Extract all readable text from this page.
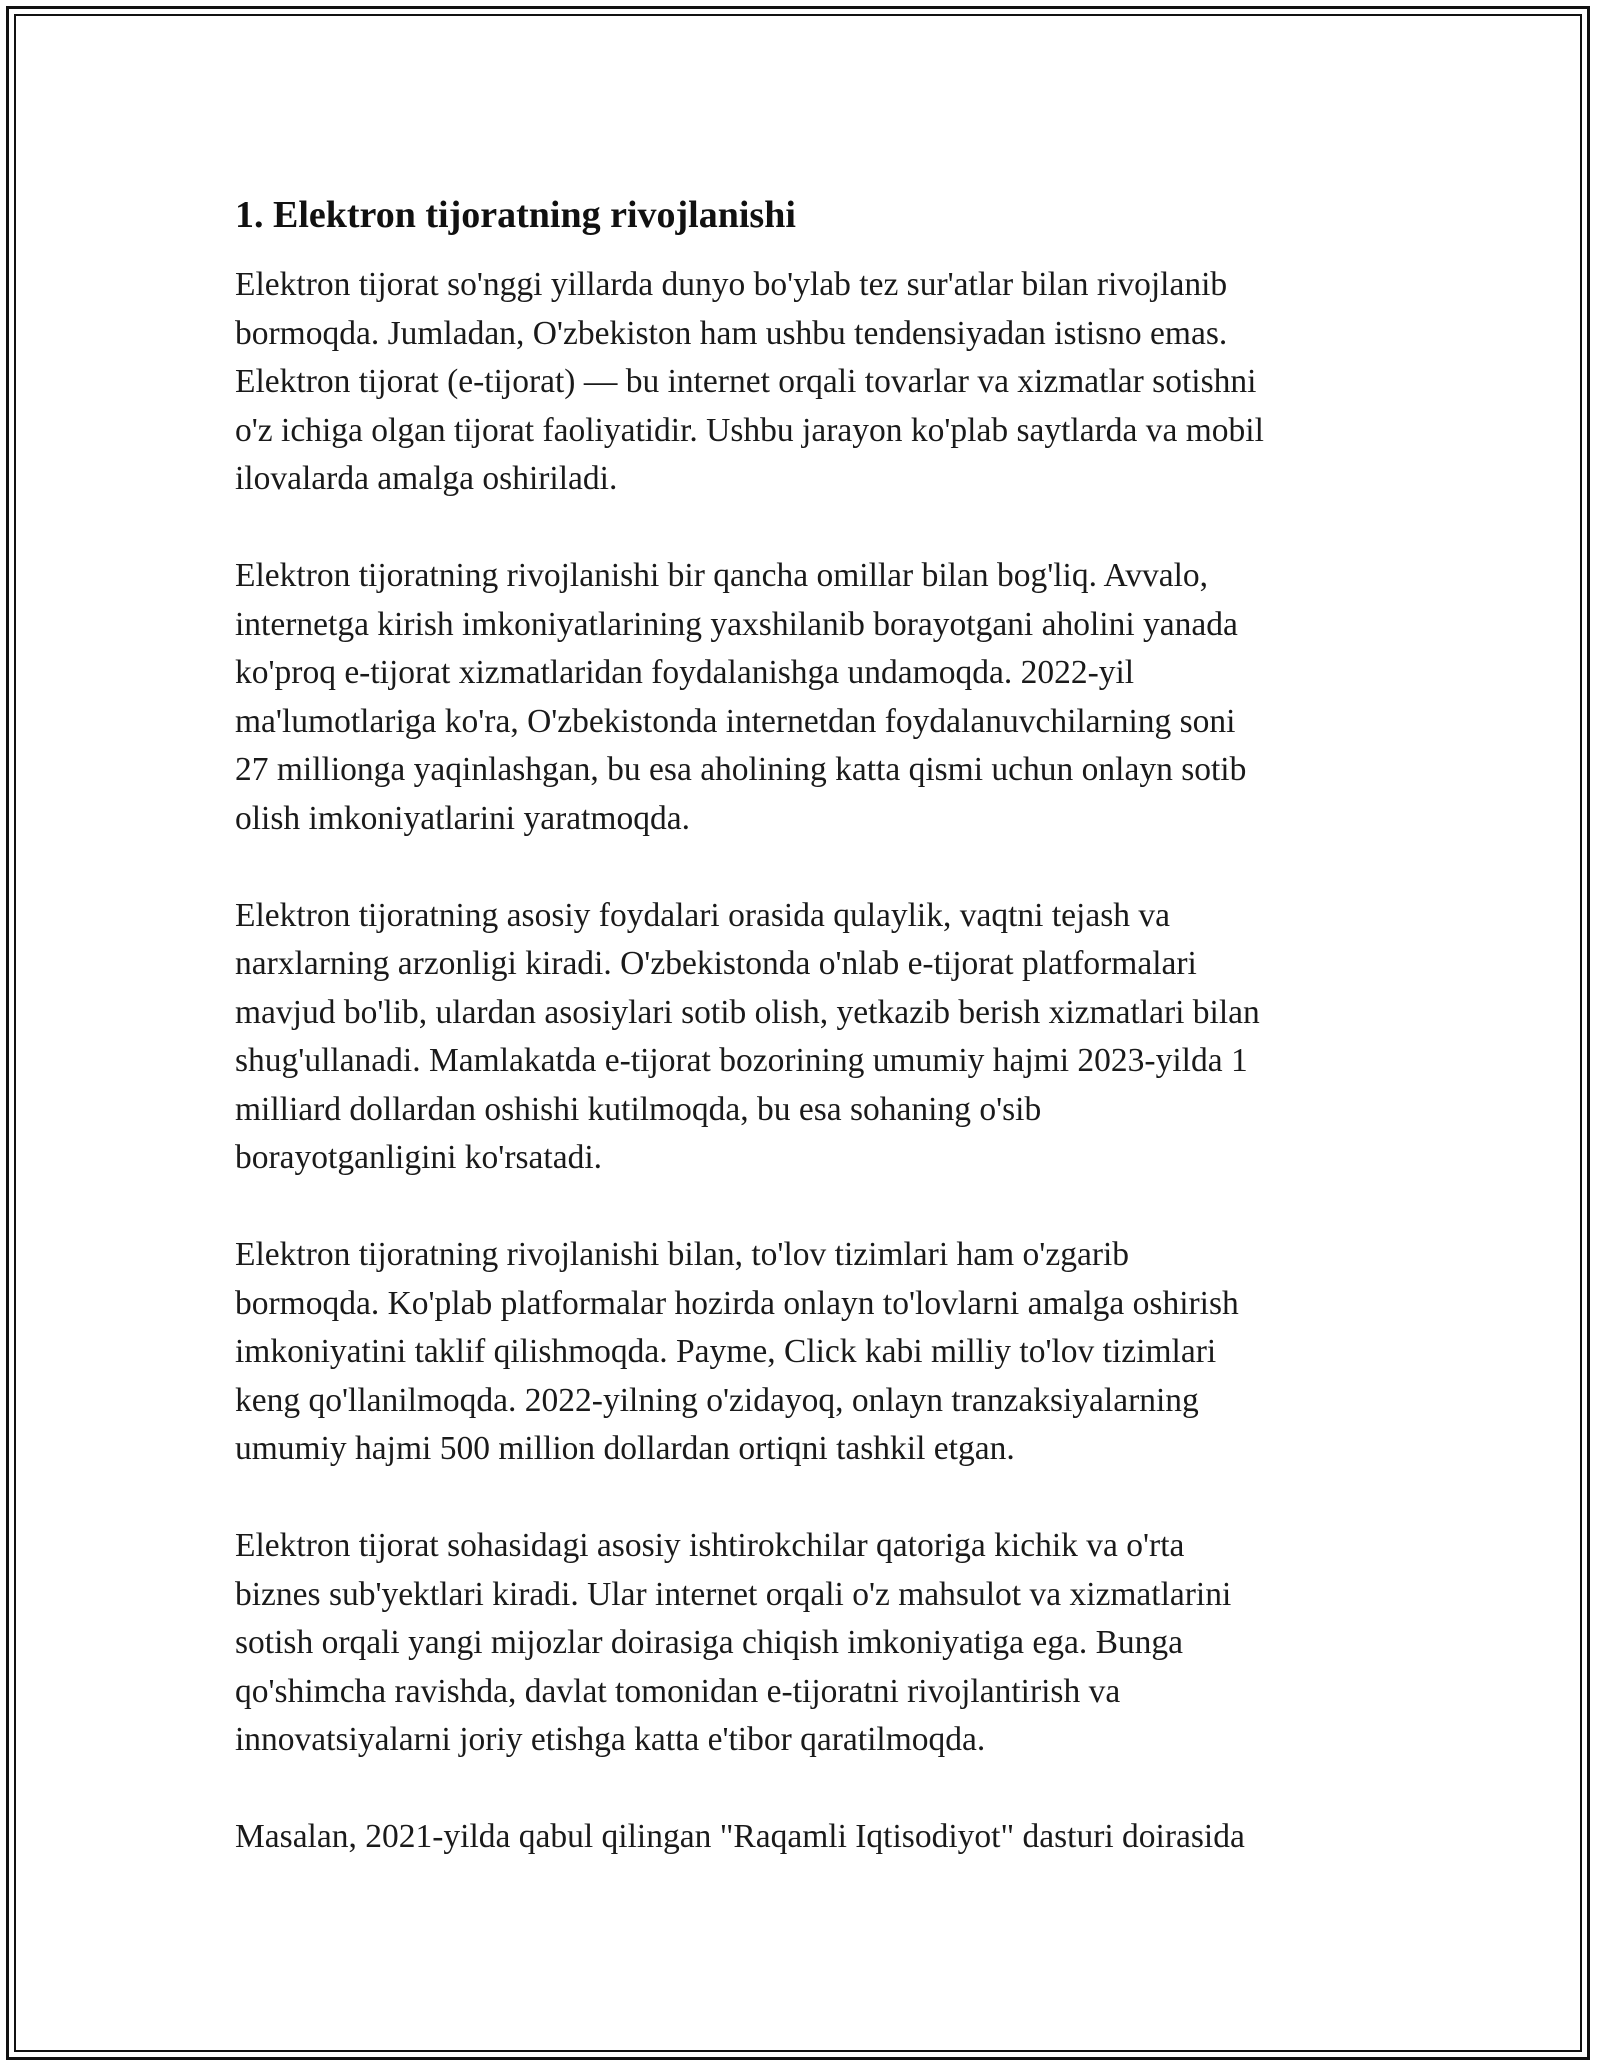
1. Elektron tijoratning rivojlanishi

Elektron tijorat so'nggi yillarda dunyo bo'ylab tez sur'atlar bilan rivojlanib
bormoqda. Jumladan, O'zbekiston ham ushbu tendensiyadan istisno emas.
Elektron tijorat (e-tijorat) — bu internet orqali tovarlar va xizmatlar sotishni
o'z ichiga olgan tijorat faoliyatidir. Ushbu jarayon ko'plab saytlarda va mobil
ilovalarda amalga oshiriladi.

Elektron tijoratning rivojlanishi bir qancha omillar bilan bog'liq. Avvalo,
internetga kirish imkoniyatlarining yaxshilanib borayotgani aholini yanada
ko'proq e-tijorat xizmatlaridan foydalanishga undamoqda. 2022-yil
ma'lumotlariga ko'ra, O'zbekistonda internetdan foydalanuvchilarning soni
27 millionga yaqinlashgan, bu esa aholining katta qismi uchun onlayn sotib
olish imkoniyatlarini yaratmoqda.

Elektron tijoratning asosiy foydalari orasida qulaylik, vaqtni tejash va
narxlarning arzonligi kiradi. O'zbekistonda o'nlab e-tijorat platformalari
mavjud bo'lib, ulardan asosiylari sotib olish, yetkazib berish xizmatlari bilan
shug'ullanadi. Mamlakatda e-tijorat bozorining umumiy hajmi 2023-yilda 1
milliard dollardan oshishi kutilmoqda, bu esa sohaning o'sib
borayotganligini ko'rsatadi.

Elektron tijoratning rivojlanishi bilan, to'lov tizimlari ham o'zgarib
bormoqda. Ko'plab platformalar hozirda onlayn to'lovlarni amalga oshirish
imkoniyatini taklif qilishmoqda. Payme, Click kabi milliy to'lov tizimlari
keng qo'llanilmoqda. 2022-yilning o'zidayoq, onlayn tranzaksiyalarning
umumiy hajmi 500 million dollardan ortiqni tashkil etgan.

Elektron tijorat sohasidagi asosiy ishtirokchilar qatoriga kichik va o'rta
biznes sub'yektlari kiradi. Ular internet orqali o'z mahsulot va xizmatlarini
sotish orqali yangi mijozlar doirasiga chiqish imkoniyatiga ega. Bunga
qo'shimcha ravishda, davlat tomonidan e-tijoratni rivojlantirish va
innovatsiyalarni joriy etishga katta e'tibor qaratilmoqda.

Masalan, 2021-yilda qabul qilingan "Raqamli Iqtisodiyot" dasturi doirasida
